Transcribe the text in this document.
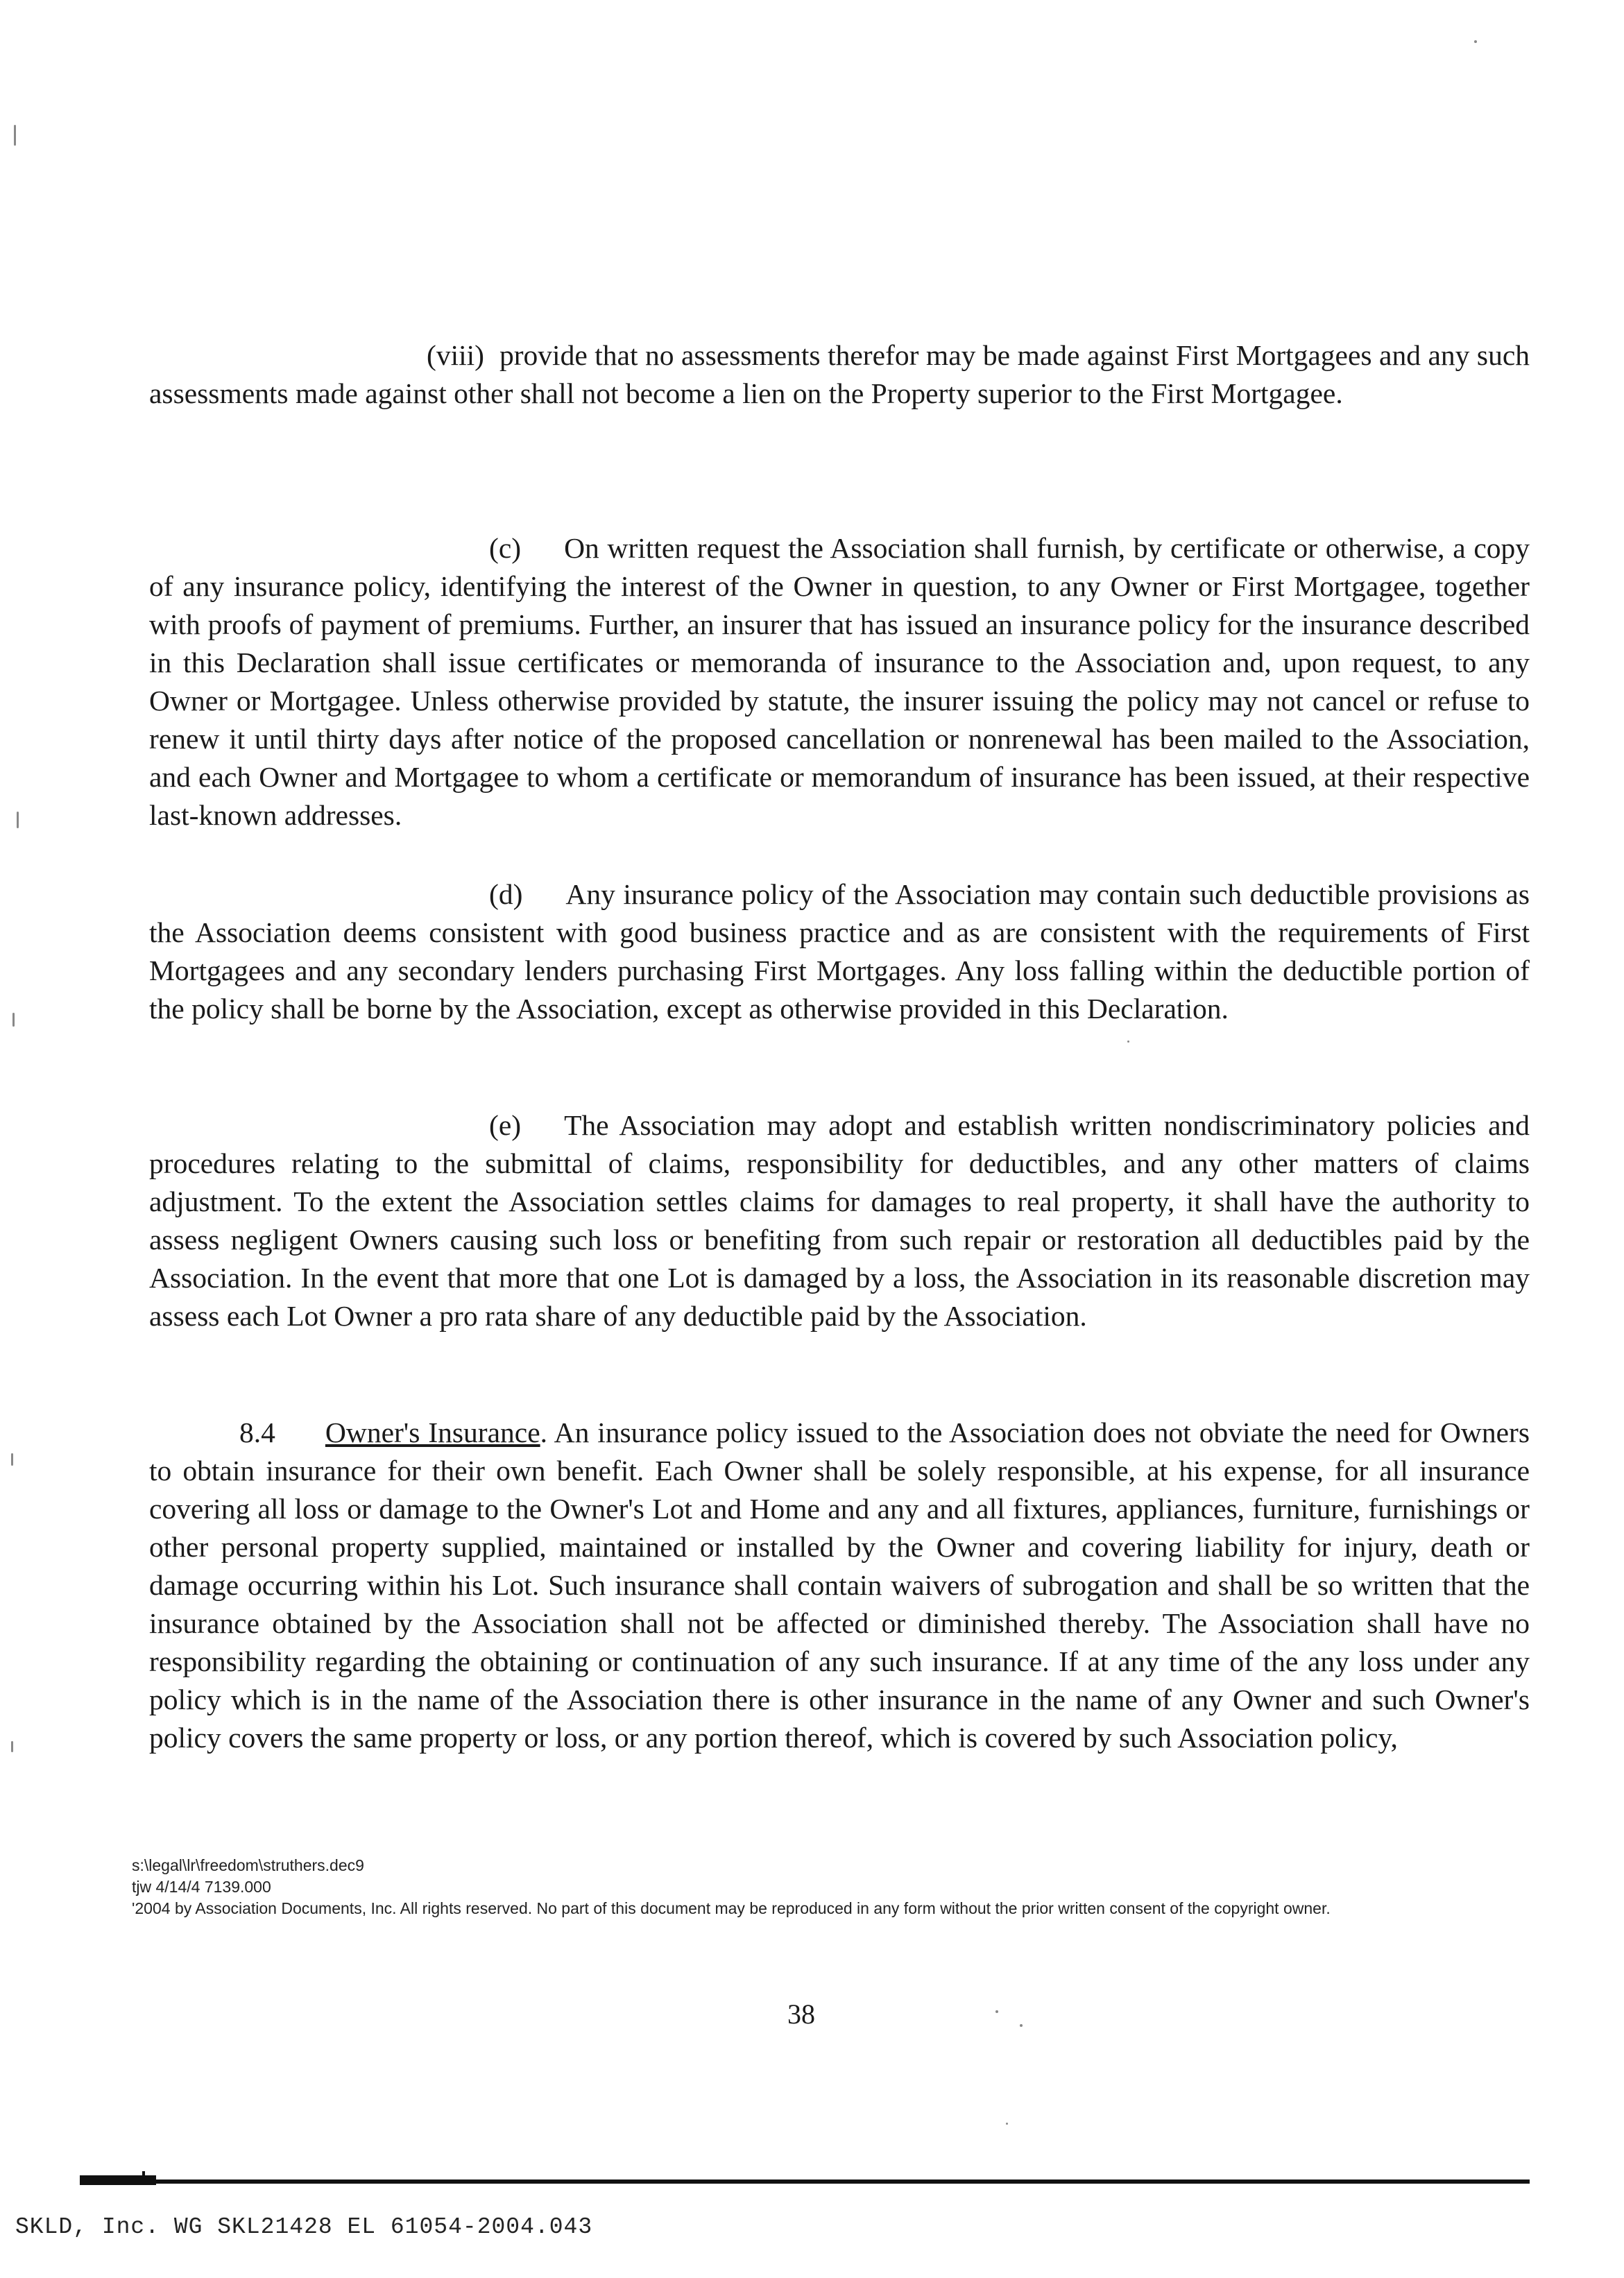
(viii) provide that no assessments therefor may be made against First Mortgagees and any such assessments made against other shall not become a lien on the Property superior to the First Mortgagee.

(c) On written request the Association shall furnish, by certificate or otherwise, a copy of any insurance policy, identifying the interest of the Owner in question, to any Owner or First Mortgagee, together with proofs of payment of premiums. Further, an insurer that has issued an insurance policy for the insurance described in this Declaration shall issue certificates or memoranda of insurance to the Association and, upon request, to any Owner or Mortgagee. Unless otherwise provided by statute, the insurer issuing the policy may not cancel or refuse to renew it until thirty days after notice of the proposed cancellation or nonrenewal has been mailed to the Association, and each Owner and Mortgagee to whom a certificate or memorandum of insurance has been issued, at their respective last-known addresses.

(d) Any insurance policy of the Association may contain such deductible provisions as the Association deems consistent with good business practice and as are consistent with the requirements of First Mortgagees and any secondary lenders purchasing First Mortgages. Any loss falling within the deductible portion of the policy shall be borne by the Association, except as otherwise provided in this Declaration.

(e) The Association may adopt and establish written nondiscriminatory policies and procedures relating to the submittal of claims, responsibility for deductibles, and any other matters of claims adjustment. To the extent the Association settles claims for damages to real property, it shall have the authority to assess negligent Owners causing such loss or benefiting from such repair or restoration all deductibles paid by the Association. In the event that more that one Lot is damaged by a loss, the Association in its reasonable discretion may assess each Lot Owner a pro rata share of any deductible paid by the Association.

8.4 Owner's Insurance. An insurance policy issued to the Association does not obviate the need for Owners to obtain insurance for their own benefit. Each Owner shall be solely responsible, at his expense, for all insurance covering all loss or damage to the Owner's Lot and Home and any and all fixtures, appliances, furniture, furnishings or other personal property supplied, maintained or installed by the Owner and covering liability for injury, death or damage occurring within his Lot. Such insurance shall contain waivers of subrogation and shall be so written that the insurance obtained by the Association shall not be affected or diminished thereby. The Association shall have no responsibility regarding the obtaining or continuation of any such insurance. If at any time of the any loss under any policy which is in the name of the Association there is other insurance in the name of any Owner and such Owner's policy covers the same property or loss, or any portion thereof, which is covered by such Association policy,

s:\legal\lr\freedom\struthers.dec9

tjw 4/14/4 7139.000

'2004 by Association Documents, Inc. All rights reserved. No part of this document may be reproduced in any form without the prior written consent of the copyright owner.

38
SKLD, Inc. WG SKL21428 EL 61054-2004.043
